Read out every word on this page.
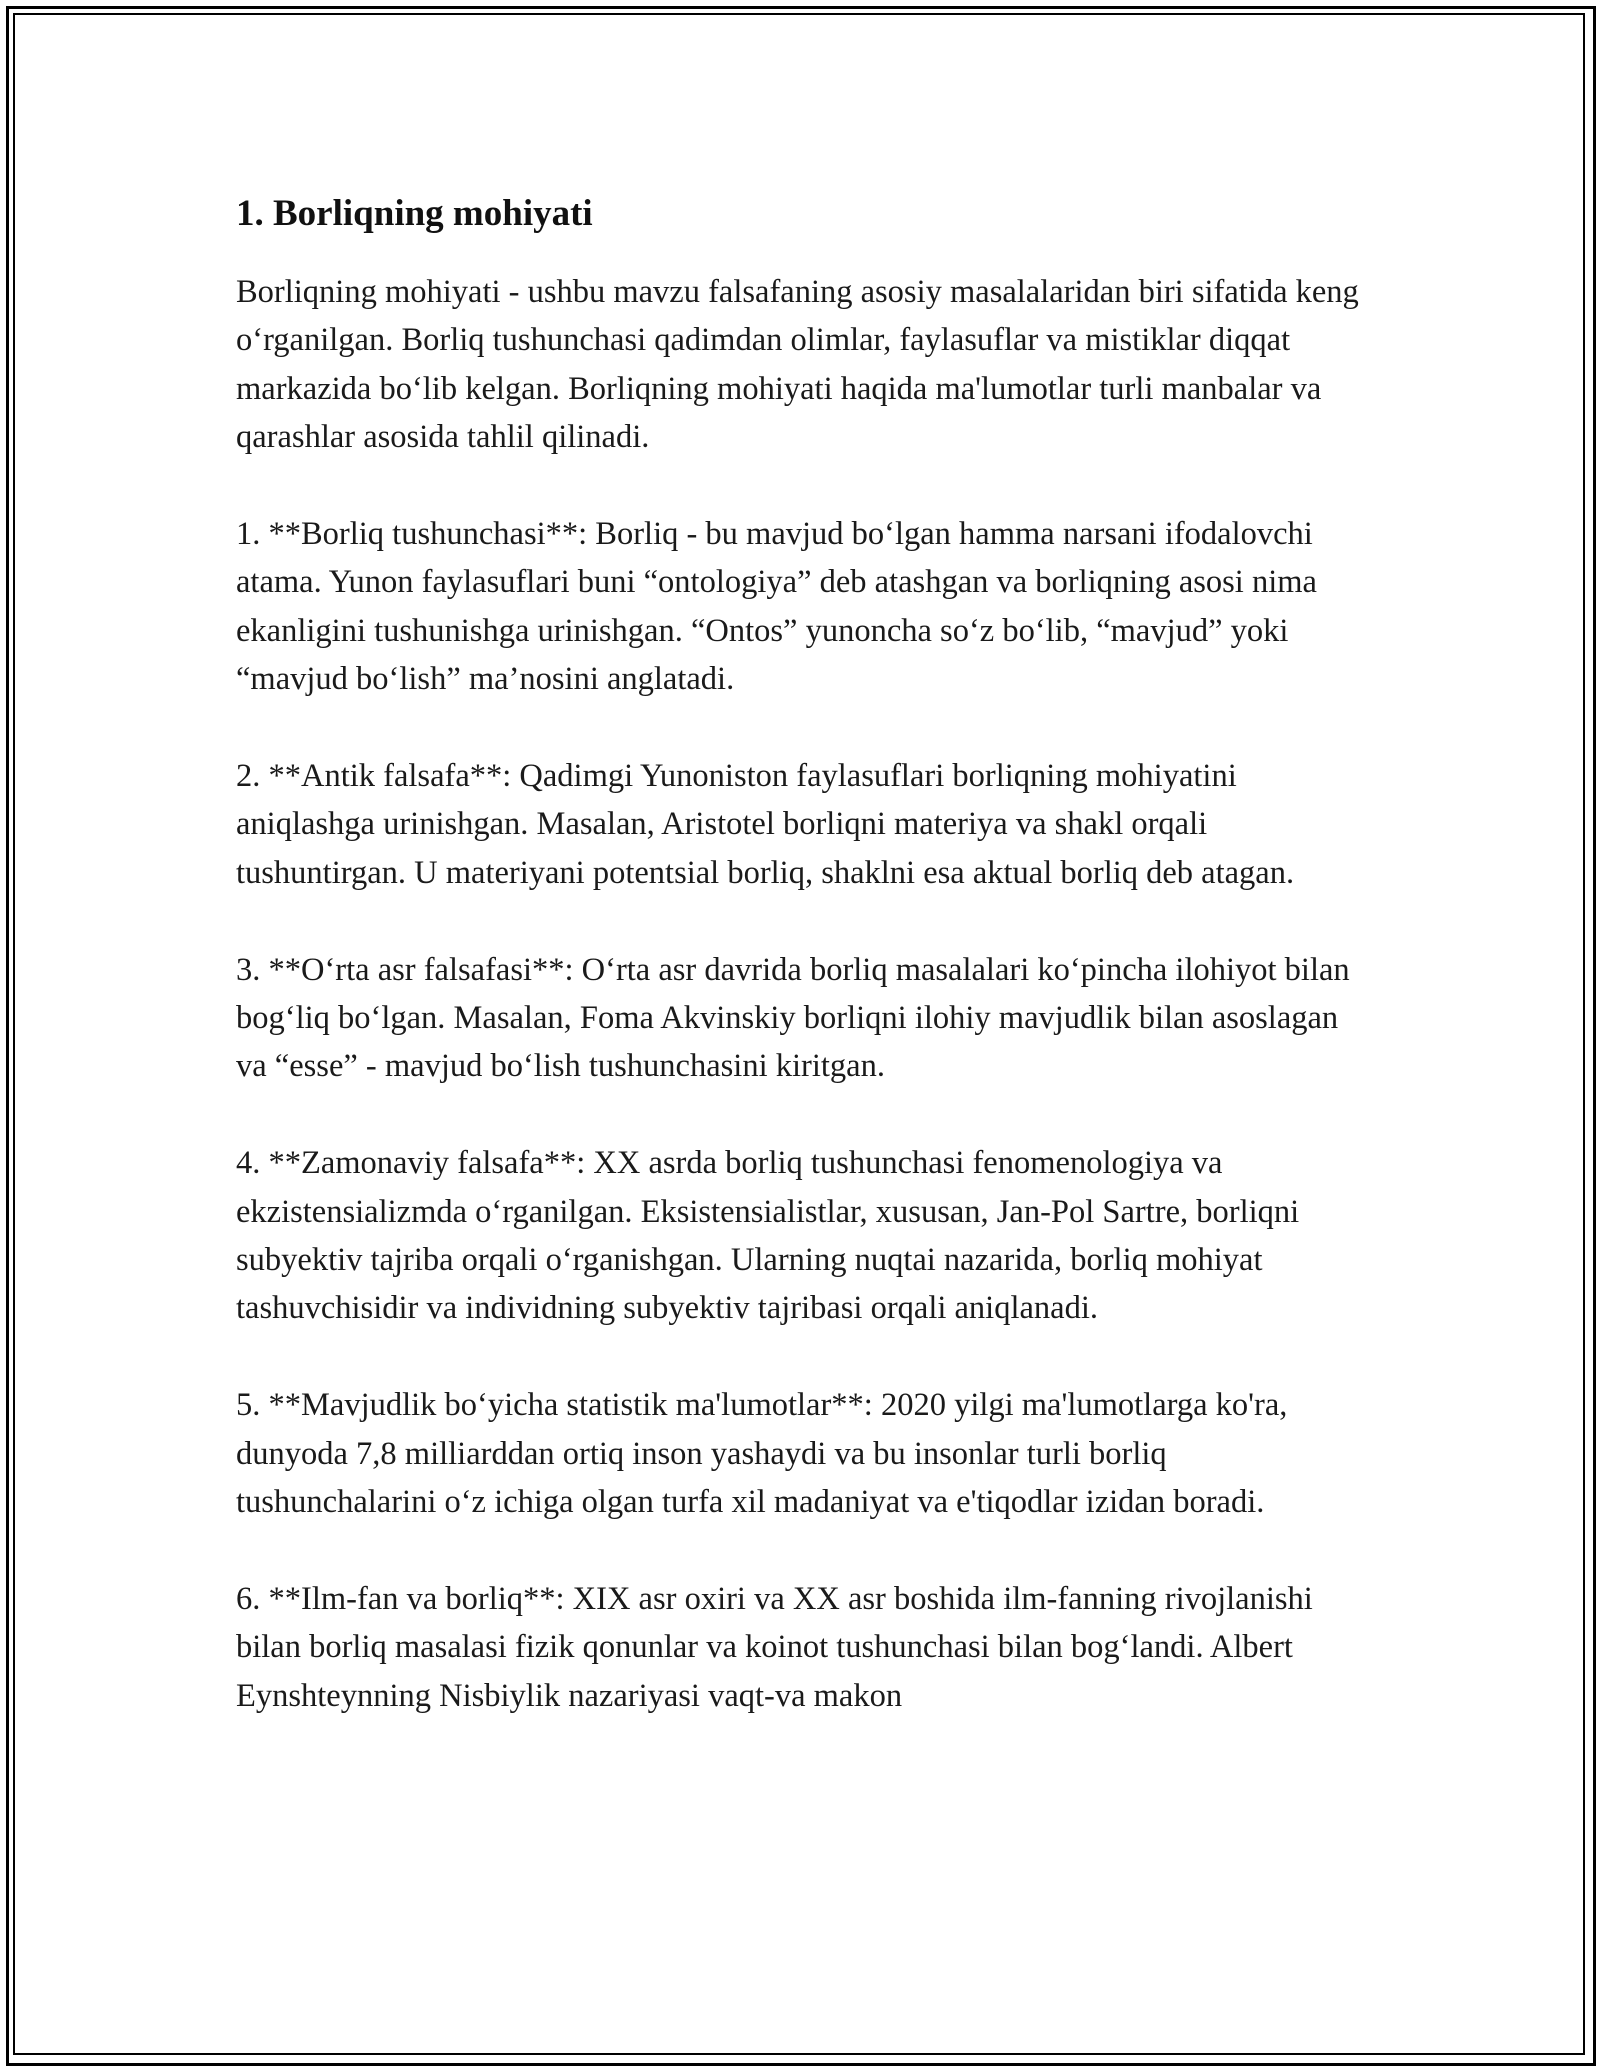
1. Borliqning mohiyati

Borliqning mohiyati - ushbu mavzu falsafaning asosiy masalalaridan biri sifatida keng o‘rganilgan. Borliq tushunchasi qadimdan olimlar, faylasuflar va mistiklar diqqat markazida bo‘lib kelgan. Borliqning mohiyati haqida ma'lumotlar turli manbalar va qarashlar asosida tahlil qilinadi.

1. **Borliq tushunchasi**: Borliq - bu mavjud bo‘lgan hamma narsani ifodalovchi atama. Yunon faylasuflari buni “ontologiya” deb atashgan va borliqning asosi nima ekanligini tushunishga urinishgan. “Ontos” yunoncha so‘z bo‘lib, “mavjud” yoki “mavjud bo‘lish” ma’nosini anglatadi.

2. **Antik falsafa**: Qadimgi Yunoniston faylasuflari borliqning mohiyatini aniqlashga urinishgan. Masalan, Aristotel borliqni materiya va shakl orqali tushuntirgan. U materiyani potentsial borliq, shaklni esa aktual borliq deb atagan.

3. **O‘rta asr falsafasi**: O‘rta asr davrida borliq masalalari ko‘pincha ilohiyot bilan bog‘liq bo‘lgan. Masalan, Foma Akvinskiy borliqni ilohiy mavjudlik bilan asoslagan va “esse” - mavjud bo‘lish tushunchasini kiritgan.

4. **Zamonaviy falsafa**: XX asrda borliq tushunchasi fenomenologiya va ekzistensializmda o‘rganilgan. Eksistensialistlar, xususan, Jan-Pol Sartre, borliqni subyektiv tajriba orqali o‘rganishgan. Ularning nuqtai nazarida, borliq mohiyat tashuvchisidir va individning subyektiv tajribasi orqali aniqlanadi.

5. **Mavjudlik bo‘yicha statistik ma'lumotlar**: 2020 yilgi ma'lumotlarga ko'ra, dunyoda 7,8 milliarddan ortiq inson yashaydi va bu insonlar turli borliq tushunchalarini o‘z ichiga olgan turfa xil madaniyat va e'tiqodlar izidan boradi.

6. **Ilm-fan va borliq**: XIX asr oxiri va XX asr boshida ilm-fanning rivojlanishi bilan borliq masalasi fizik qonunlar va koinot tushunchasi bilan bog‘landi. Albert Eynshteynning Nisbiylik nazariyasi vaqt-va makon
